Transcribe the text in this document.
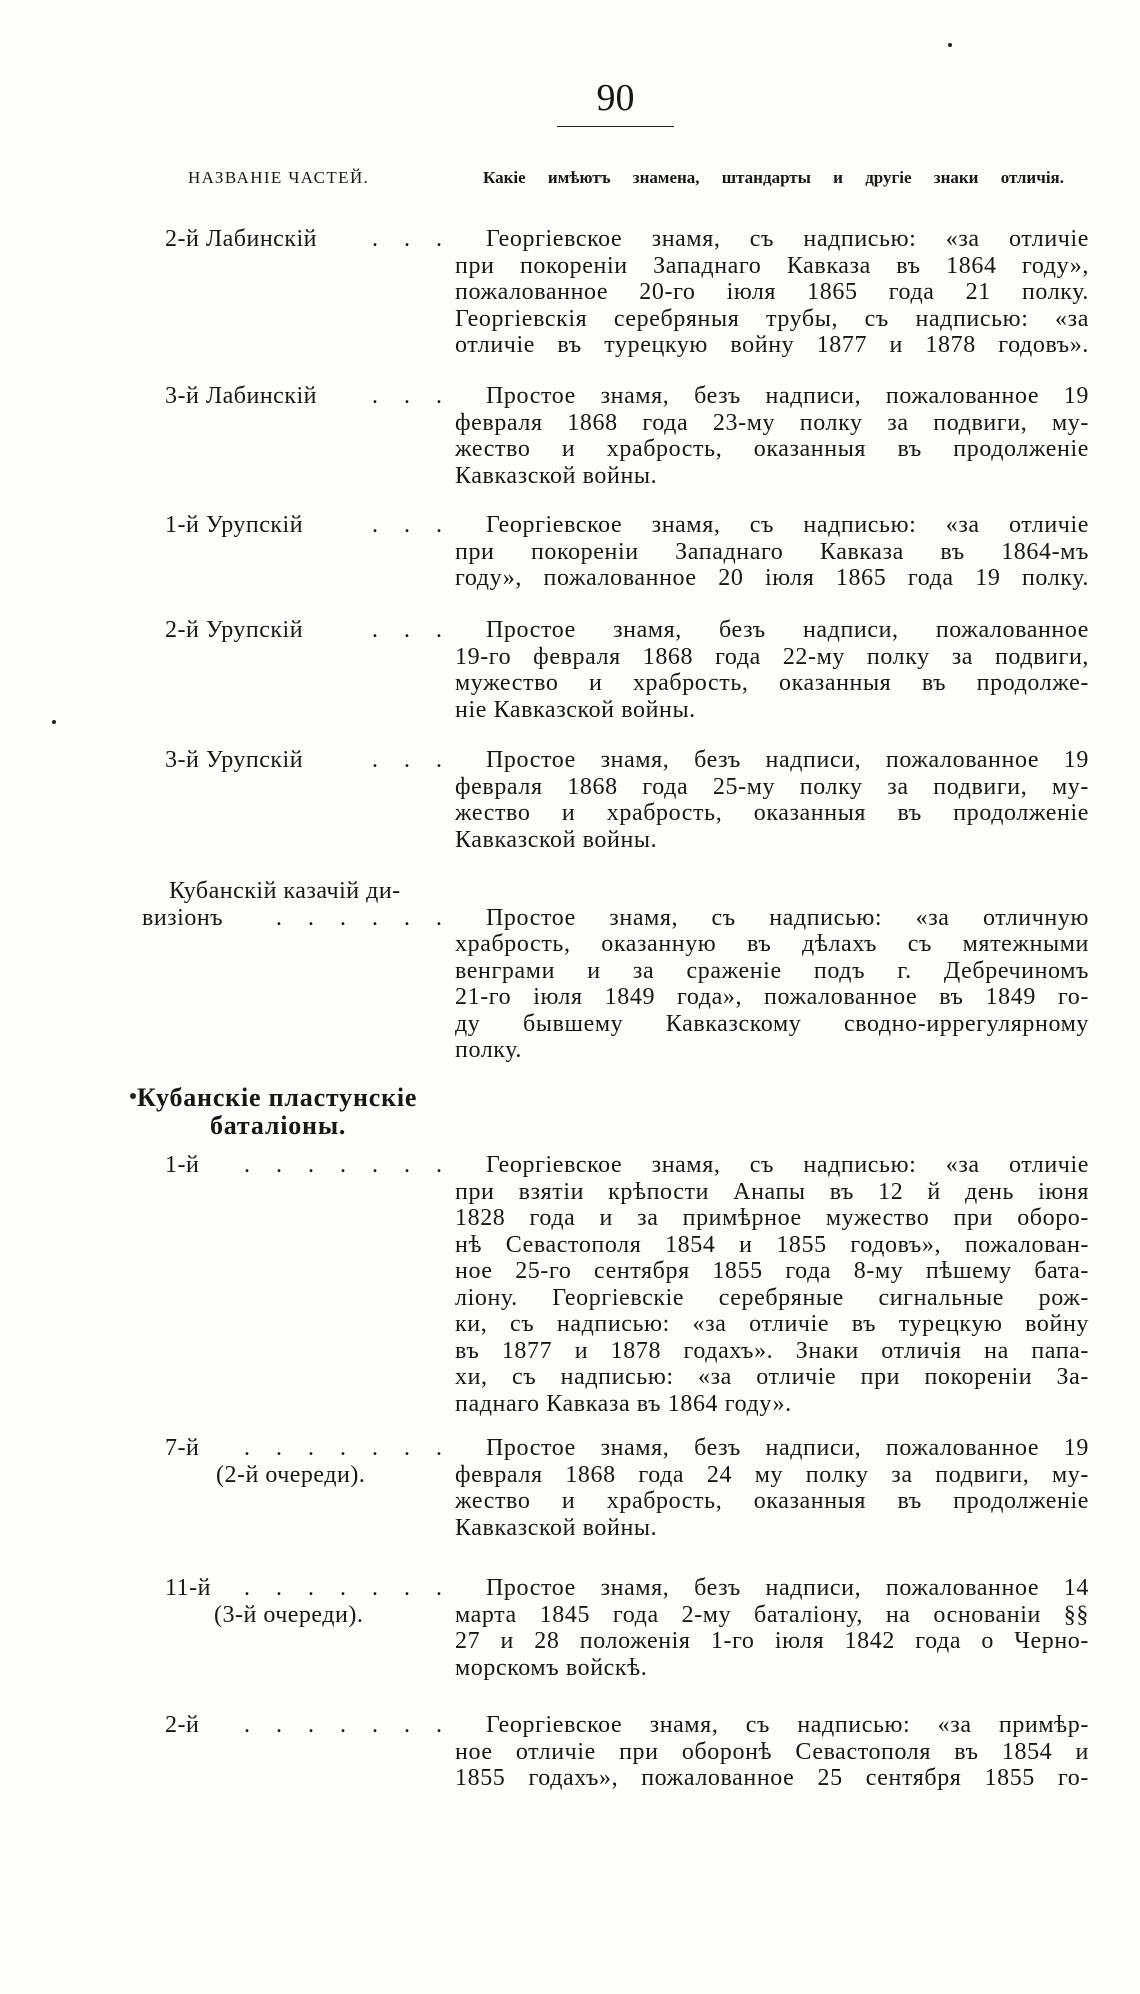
90
НАЗВАНІЕ ЧАСТЕЙ.	Какіе имѣютъ знамена, штандарты и другіе знаки отличія.
2-й Лабинскій . . .	Георгіевское знамя, съ надписью: «за отличіе
при покореніи Западнаго Кавказа въ 1864 году»,
пожалованное 20-го іюля 1865 года 21 полку.
Георгіевскія серебряныя трубы, съ надписью: «за
отличіе въ турецкую войну 1877 и 1878 годовъ».
3-й Лабинскій . . .	Простое знамя, безъ надписи, пожалованное 19
февраля 1868 года 23-му полку за подвиги, му-
жество и храбрость, оказанныя въ продолженіе
Кавказской войны.
1-й Урупскій	. . .	Георгіевское знамя, съ надписью: «за отличіе
при покореніи Западнаго Кавказа въ 1864-мъ
году», пожалованное 20 іюля 1865 года 19 полку.
2-й Урупскій	. . .	Простое знамя, безъ надписи, пожалованное
19-го февраля 1868 года 22-му полку за подвиги,
мужество и храбрость, оказанныя въ продолже-
ніе Кавказской войны.
3-й Урупскій	. . .	Простое знамя, безъ надписи, пожалованное 19
февраля 1868 года 25-му полку за подвиги, му-
жество и храбрость, оказанныя въ продолженіе
Кавказской войны.
Кубанскій казачій ди-
визіонъ . . . . . .	Простое знамя, съ надписью: «за отличную
храбрость, оказанную въ дѣлахъ съ мятежными
венграми и за сраженіе подъ г. Дебречиномъ
21-го іюля 1849 года», пожалованное въ 1849 го-
ду бывшему Кавказскому сводно-иррегулярному
полку.
Кубанскіе пластунскіе
баталіоны.
1-й . . . . . . .	Георгіевское знамя, съ надписью: «за отличіе
при взятіи крѣпости Анапы въ 12 й день іюня
1828 года и за примѣрное мужество при оборо-
нѣ Севастополя 1854 и 1855 годовъ», пожалован-
ное 25-го сентября 1855 года 8-му пѣшему бата-
ліону. Георгіевскіе серебряные сигнальные рож-
ки, съ надписью: «за отличіе въ турецкую войну
въ 1877 и 1878 годахъ». Знаки отличія на папа-
хи, съ надписью: «за отличіе при покореніи За-
паднаго Кавказа въ 1864 году».
7-й . . . . . . .
(2-й очереди).
Простое знамя, безъ надписи, пожалованное 19
февраля 1868 года 24 му полку за подвиги, му-
жество и храбрость, оказанныя въ продолженіе
Кавказской войны.
11-й . . . . . . .
(3-й очереди).
Простое знамя, безъ надписи, пожалованное 14
марта 1845 года 2-му баталіону, на основаніи §§
27 и 28 положенія 1-го іюля 1842 года о Черно-
морскомъ войскѣ.
2-й . . . . . . .	Георгіевское знамя, съ надписью: «за примѣр-
ное отличіе при оборонѣ Севастополя въ 1854 и
1855 годахъ», пожалованное 25 сентября 1855 го-
